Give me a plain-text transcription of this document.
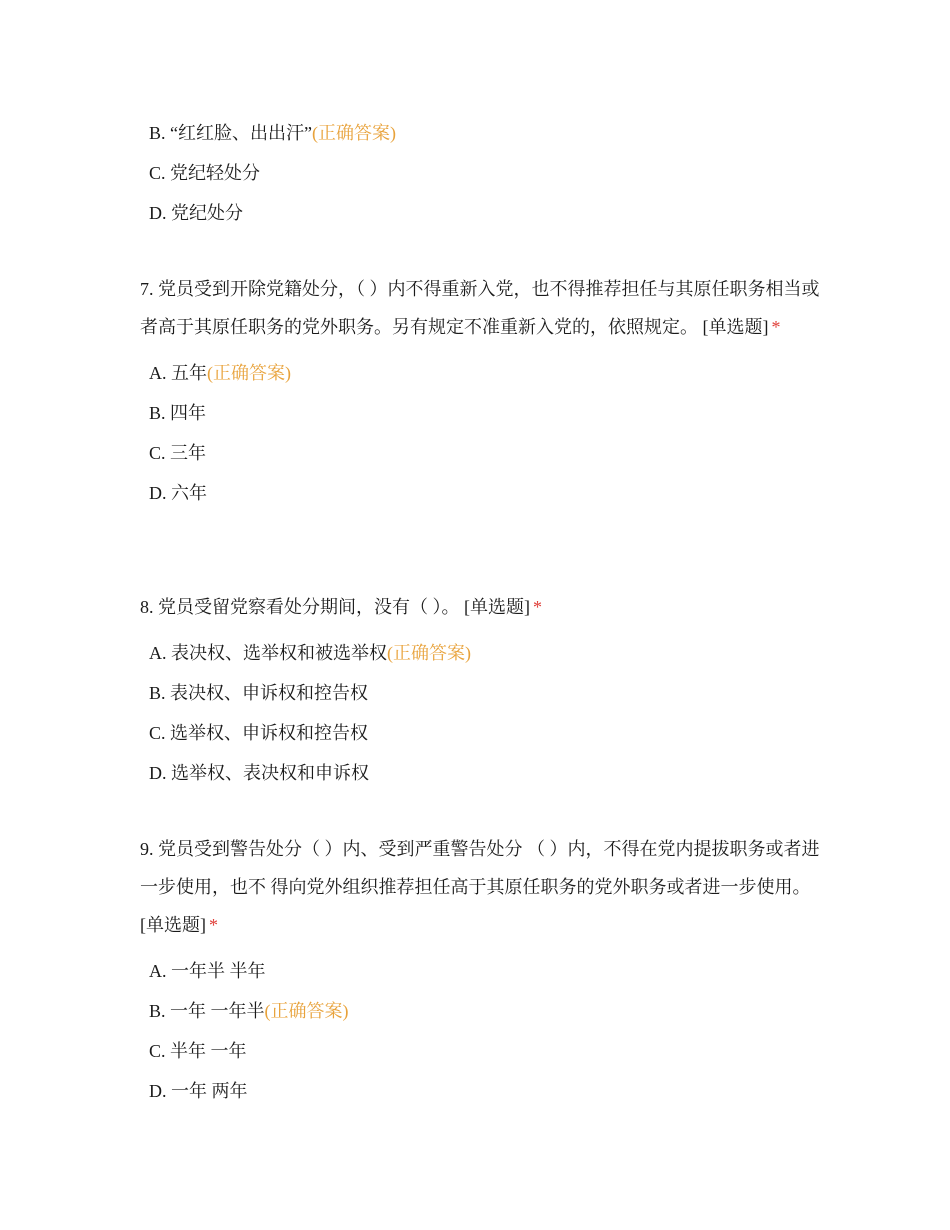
B. “红红脸、出出汗”(正确答案)
C. 党纪轻处分
D. 党纪处分
7. 党员受到开除党籍处分，（ ）内不得重新入党，也不得推荐担任与其原任职务相当或者高于其原任职务的党外职务。另有规定不准重新入党的，依照规定。 [单选题] *
A. 五年(正确答案)
B. 四年
C. 三年
D. 六年
8. 党员受留党察看处分期间，没有（ ）。 [单选题] *
A. 表决权、选举权和被选举权(正确答案)
B. 表决权、申诉权和控告权
C. 选举权、申诉权和控告权
D. 选举权、表决权和申诉权
9. 党员受到警告处分（ ）内、受到严重警告处分 （ ）内，不得在党内提拔职务或者进一步使用，也不 得向党外组织推荐担任高于其原任职务的党外职务或者进一步使用。 [单选题] *
A. 一年半 半年
B. 一年 一年半(正确答案)
C. 半年 一年
D. 一年 两年
